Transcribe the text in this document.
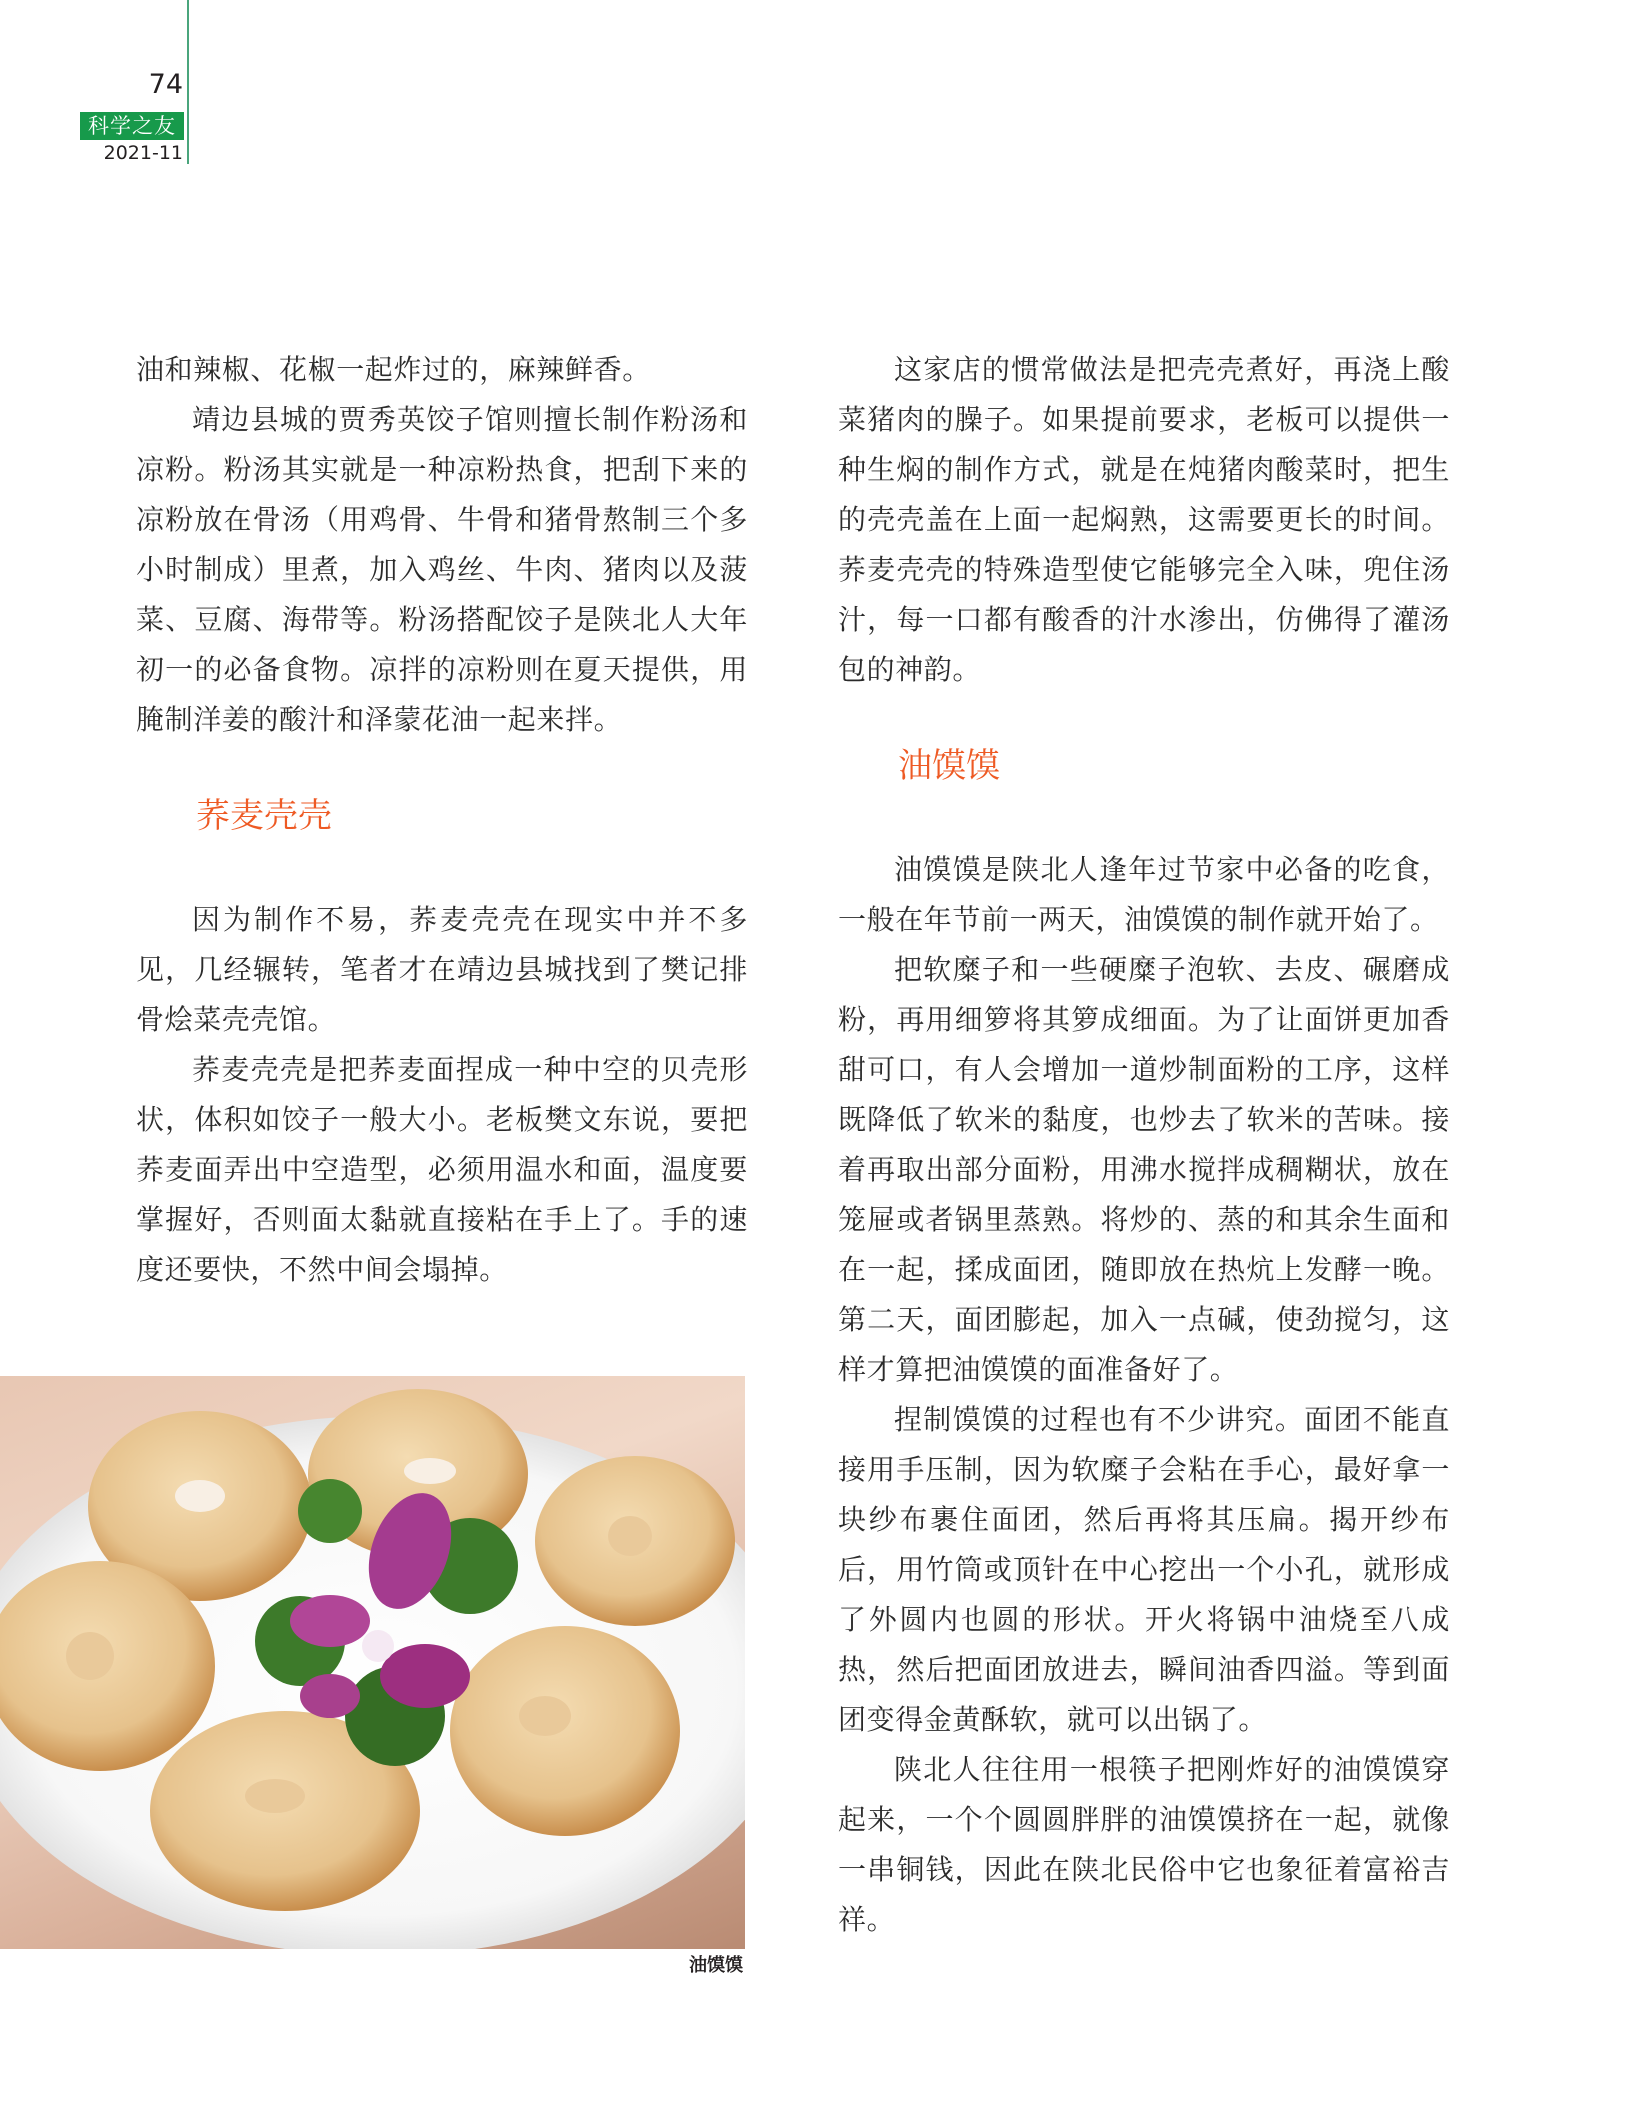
74
科学之友
2021-11

油和辣椒、花椒一起炸过的，麻辣鲜香。

靖边县城的贾秀英饺子馆则擅长制作粉汤和凉粉。粉汤其实就是一种凉粉热食，把刮下来的凉粉放在骨汤（用鸡骨、牛骨和猪骨熬制三个多小时制成）里煮，加入鸡丝、牛肉、猪肉以及菠菜、豆腐、海带等。粉汤搭配饺子是陕北人大年初一的必备食物。凉拌的凉粉则在夏天提供，用腌制洋姜的酸汁和泽蒙花油一起来拌。

荞麦壳壳

因为制作不易，荞麦壳壳在现实中并不多见，几经辗转，笔者才在靖边县城找到了樊记排骨烩菜壳壳馆。

荞麦壳壳是把荞麦面捏成一种中空的贝壳形状，体积如饺子一般大小。老板樊文东说，要把荞麦面弄出中空造型，必须用温水和面，温度要掌握好，否则面太黏就直接粘在手上了。手的速度还要快，不然中间会塌掉。

油馍馍

这家店的惯常做法是把壳壳煮好，再浇上酸菜猪肉的臊子。如果提前要求，老板可以提供一种生焖的制作方式，就是在炖猪肉酸菜时，把生的壳壳盖在上面一起焖熟，这需要更长的时间。荞麦壳壳的特殊造型使它能够完全入味，兜住汤汁，每一口都有酸香的汁水渗出，仿佛得了灌汤包的神韵。

油馍馍

油馍馍是陕北人逢年过节家中必备的吃食，一般在年节前一两天，油馍馍的制作就开始了。

把软糜子和一些硬糜子泡软、去皮、碾磨成粉，再用细箩将其箩成细面。为了让面饼更加香甜可口，有人会增加一道炒制面粉的工序，这样既降低了软米的黏度，也炒去了软米的苦味。接着再取出部分面粉，用沸水搅拌成稠糊状，放在笼屉或者锅里蒸熟。将炒的、蒸的和其余生面和在一起，揉成面团，随即放在热炕上发酵一晚。第二天，面团膨起，加入一点碱，使劲搅匀，这样才算把油馍馍的面准备好了。

捏制馍馍的过程也有不少讲究。面团不能直接用手压制，因为软糜子会粘在手心，最好拿一块纱布裹住面团，然后再将其压扁。揭开纱布后，用竹筒或顶针在中心挖出一个小孔，就形成了外圆内也圆的形状。开火将锅中油烧至八成热，然后把面团放进去，瞬间油香四溢。等到面团变得金黄酥软，就可以出锅了。

陕北人往往用一根筷子把刚炸好的油馍馍穿起来，一个个圆圆胖胖的油馍馍挤在一起，就像一串铜钱，因此在陕北民俗中它也象征着富裕吉祥。
